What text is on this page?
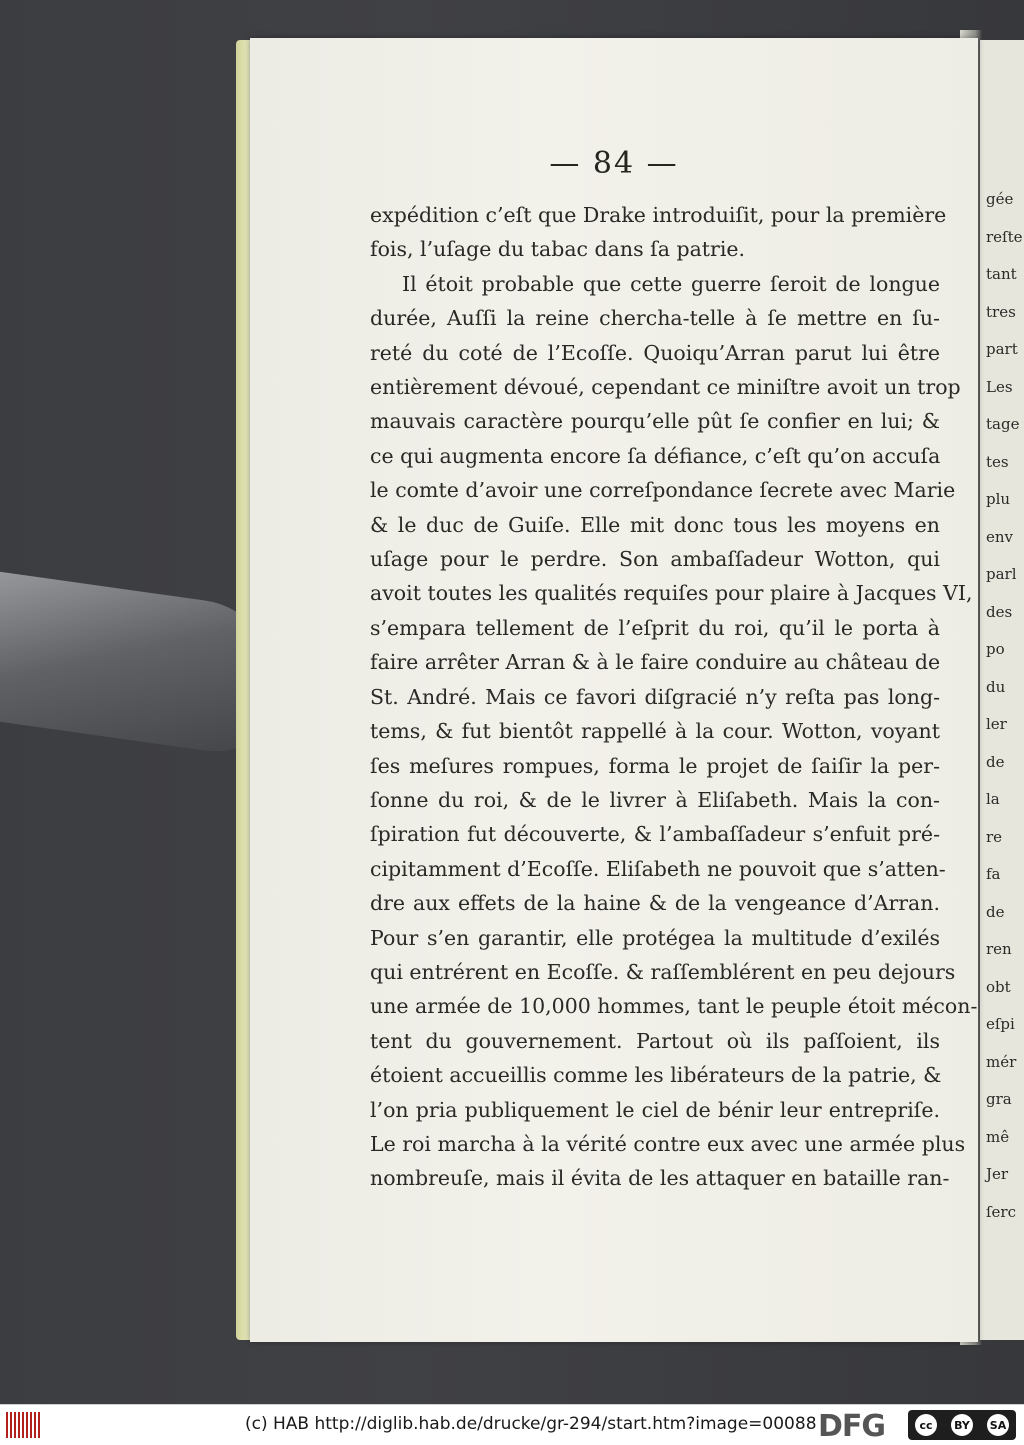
gée
reſte
tant
tres
part
Les
tage
tes
plu
env
parl
des
po
du
ler
de
la
re
fa
de
ren
obt
eſpi
mér
gra
mê
Jer
ſerc
— 84 —
expédition c’eſt que Drake introduiſit, pour la première
fois, l’uſage du tabac dans ſa patrie.
Il étoit probable que cette guerre ſeroit de longue
durée, Auſſi la reine chercha-telle à ſe mettre en ſu-
reté du coté de l’Ecoſſe. Quoiqu’Arran parut lui être
entièrement dévoué, cependant ce miniſtre avoit un trop
mauvais caractère pourqu’elle pût ſe confier en lui; &
ce qui augmenta encore ſa défiance, c’eſt qu’on accuſa
le comte d’avoir une correſpondance ſecrete avec Marie
& le duc de Guiſe. Elle mit donc tous les moyens en
uſage pour le perdre. Son ambaſſadeur Wotton, qui
avoit toutes les qualités requiſes pour plaire à Jacques VI,
s’empara tellement de l’eſprit du roi, qu’il le porta à
faire arrêter Arran & à le faire conduire au château de
St. André. Mais ce favori diſgracié n’y reſta pas long-
tems, & fut bientôt rappellé à la cour. Wotton, voyant
ſes meſures rompues, forma le projet de ſaiſir la per-
ſonne du roi, & de le livrer à Eliſabeth. Mais la con-
ſpiration fut découverte, & l’ambaſſadeur s’enfuit pré-
cipitamment d’Ecoſſe. Eliſabeth ne pouvoit que s’atten-
dre aux effets de la haine & de la vengeance d’Arran.
Pour s’en garantir, elle protégea la multitude d’exilés
qui entrérent en Ecoſſe. & raſſemblérent en peu dejours
une armée de 10,000 hommes, tant le peuple étoit mécon-
tent du gouvernement. Partout où ils paſſoient, ils
étoient accueillis comme les libérateurs de la patrie, &
l’on pria publiquement le ciel de bénir leur entrepriſe.
Le roi marcha à la vérité contre eux avec une armée plus
nombreuſe, mais il évita de les attaquer en bataille ran-
(c) HAB http://diglib.hab.de/drucke/gr-294/start.htm?image=00088 DFG	cc	BY SA
